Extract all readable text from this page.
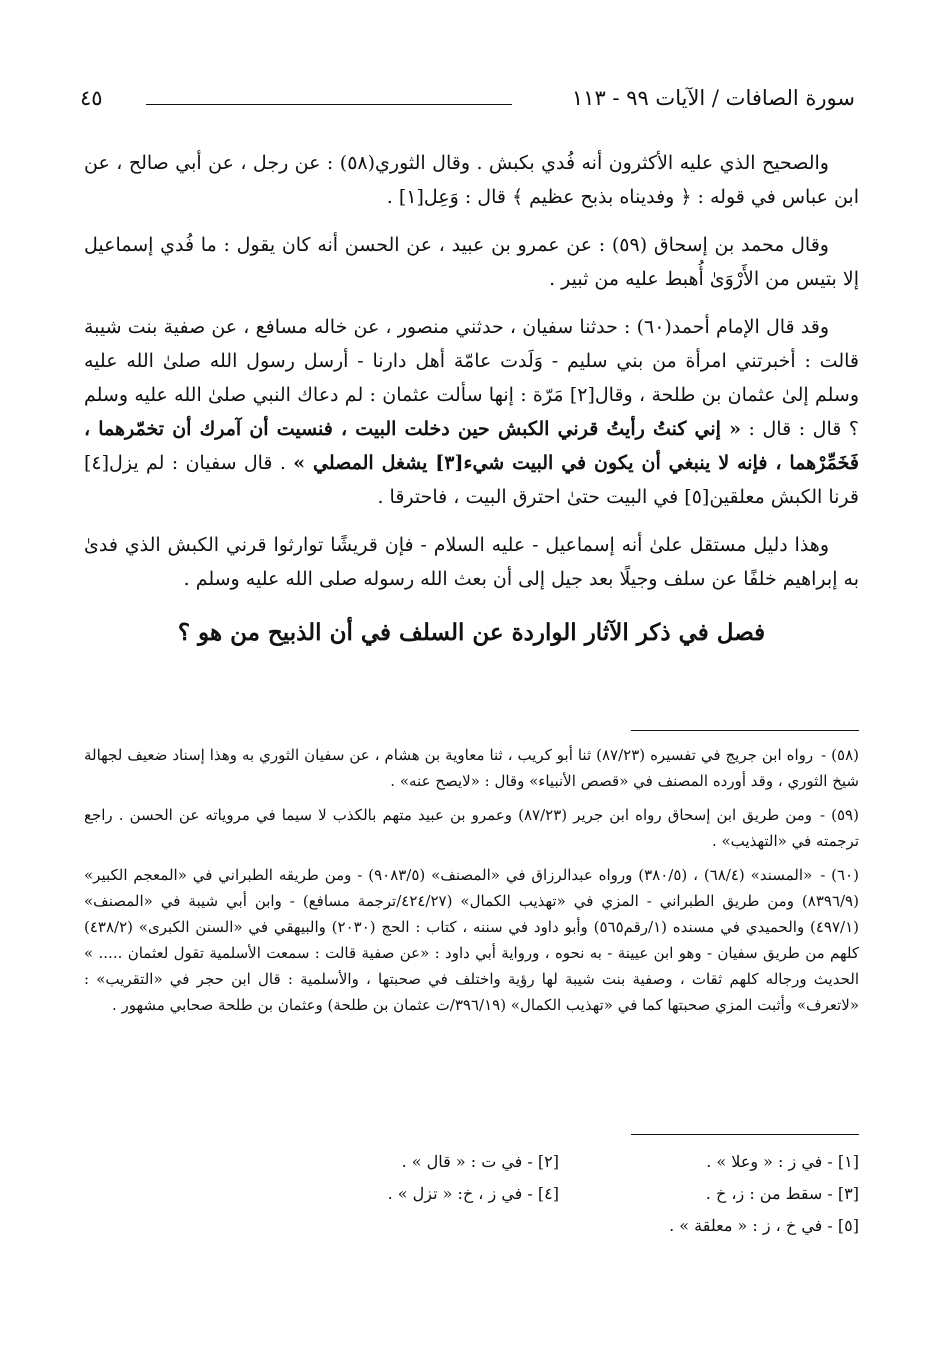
سورة الصافات / الآيات ٩٩ - ١١٣
٤٥

والصحيح الذي عليه الأكثرون أنه فُدي بكبش . وقال الثوري(٥٨) : عن رجل ، عن أبي صالح ، عن ابن عباس في قوله : ﴿ وفديناه بذبح عظيم ﴾ قال : وَعِل[١] .

وقال محمد بن إسحاق (٥٩) : عن عمرو بن عبيد ، عن الحسن أنه كان يقول : ما فُدي إسماعيل إلا بتيس من الأَرْوَىٰ أُهبط عليه من ثبير .

وقد قال الإمام أحمد(٦٠) : حدثنا سفيان ، حدثني منصور ، عن خاله مسافع ، عن صفية بنت شيبة قالت : أخبرتني امرأة من بني سليم - وَلَدت عامّة أهل دارنا - أرسل رسول الله صلىٰ الله عليه وسلم إلىٰ عثمان بن طلحة ، وقال[٢] مَرّة : إنها سألت عثمان : لم دعاك النبي صلىٰ الله عليه وسلم ؟ قال : قال : « إني كنتُ رأيتُ قرني الكبش حين دخلت البيت ، فنسيت أن آمرك أن تخمّرهما ، فَخَمِّرْهما ، فإنه لا ينبغي أن يكون في البيت شيء[٣] يشغل المصلي » . قال سفيان : لم يزل[٤] قرنا الكبش معلقين[٥] في البيت حتىٰ احترق البيت ، فاحترقا .

وهذا دليل مستقل علىٰ أنه إسماعيل - عليه السلام - فإن قريشًا توارثوا قرني الكبش الذي فدىٰ به إبراهيم خلفًا عن سلف وجيلًا بعد جيل إلى أن بعث الله رسوله صلى الله عليه وسلم .

فصل في ذكر الآثار الواردة عن السلف في أن الذبيح من هو ؟

(٥٨) -رواه ابن جريج في تفسيره (٨٧/٢٣) ثنا أبو كريب ، ثنا معاوية بن هشام ، عن سفيان الثوري به وهذا إسناد ضعيف لجهالة شيخ الثوري ، وقد أورده المصنف في «قصص الأنبياء» وقال : «لايصح عنه» .

(٥٩) -ومن طريق ابن إسحاق رواه ابن جرير (٨٧/٢٣) وعمرو بن عبيد متهم بالكذب لا سيما في مروياته عن الحسن . راجع ترجمته في «التهذيب» .

(٦٠) -«المسند» (٦٨/٤) ، (٣٨٠/٥) ورواه عبدالرزاق في «المصنف» (٩٠٨٣/٥) - ومن طريقه الطبراني في «المعجم الكبير» (٨٣٩٦/٩) ومن طريق الطبراني - المزي في «تهذيب الكمال» (٤٢٤/٢٧/ترجمة مسافع) - وابن أبي شيبة في «المصنف» (٤٩٧/١) والحميدي في مسنده (١/رقم٥٦٥) وأبو داود في سننه ، كتاب : الحج (٢٠٣٠) والبيهقي في «السنن الكبرى» (٤٣٨/٢) كلهم من طريق سفيان - وهو ابن عيينة - به نحوه ، ورواية أبي داود : «عن صفية قالت : سمعت الأسلمية تقول لعثمان ..... » الحديث ورجاله كلهم ثقات ، وصفية بنت شيبة لها رؤية واختلف في صحبتها ، والأسلمية : قال ابن حجر في «التقريب» : «لاتعرف» وأثبت المزي صحبتها كما في «تهذيب الكمال» (٣٩٦/١٩/ت عثمان بن طلحة) وعثمان بن طلحة صحابي مشهور .

[١] - في ز : « وعلا » .
[٢] - في ت : « قال » .
[٣] - سقط من : ز، خ .
[٤] - في ز ، خ: « تزل » .
[٥] - في خ ، ز : « معلقة » .
